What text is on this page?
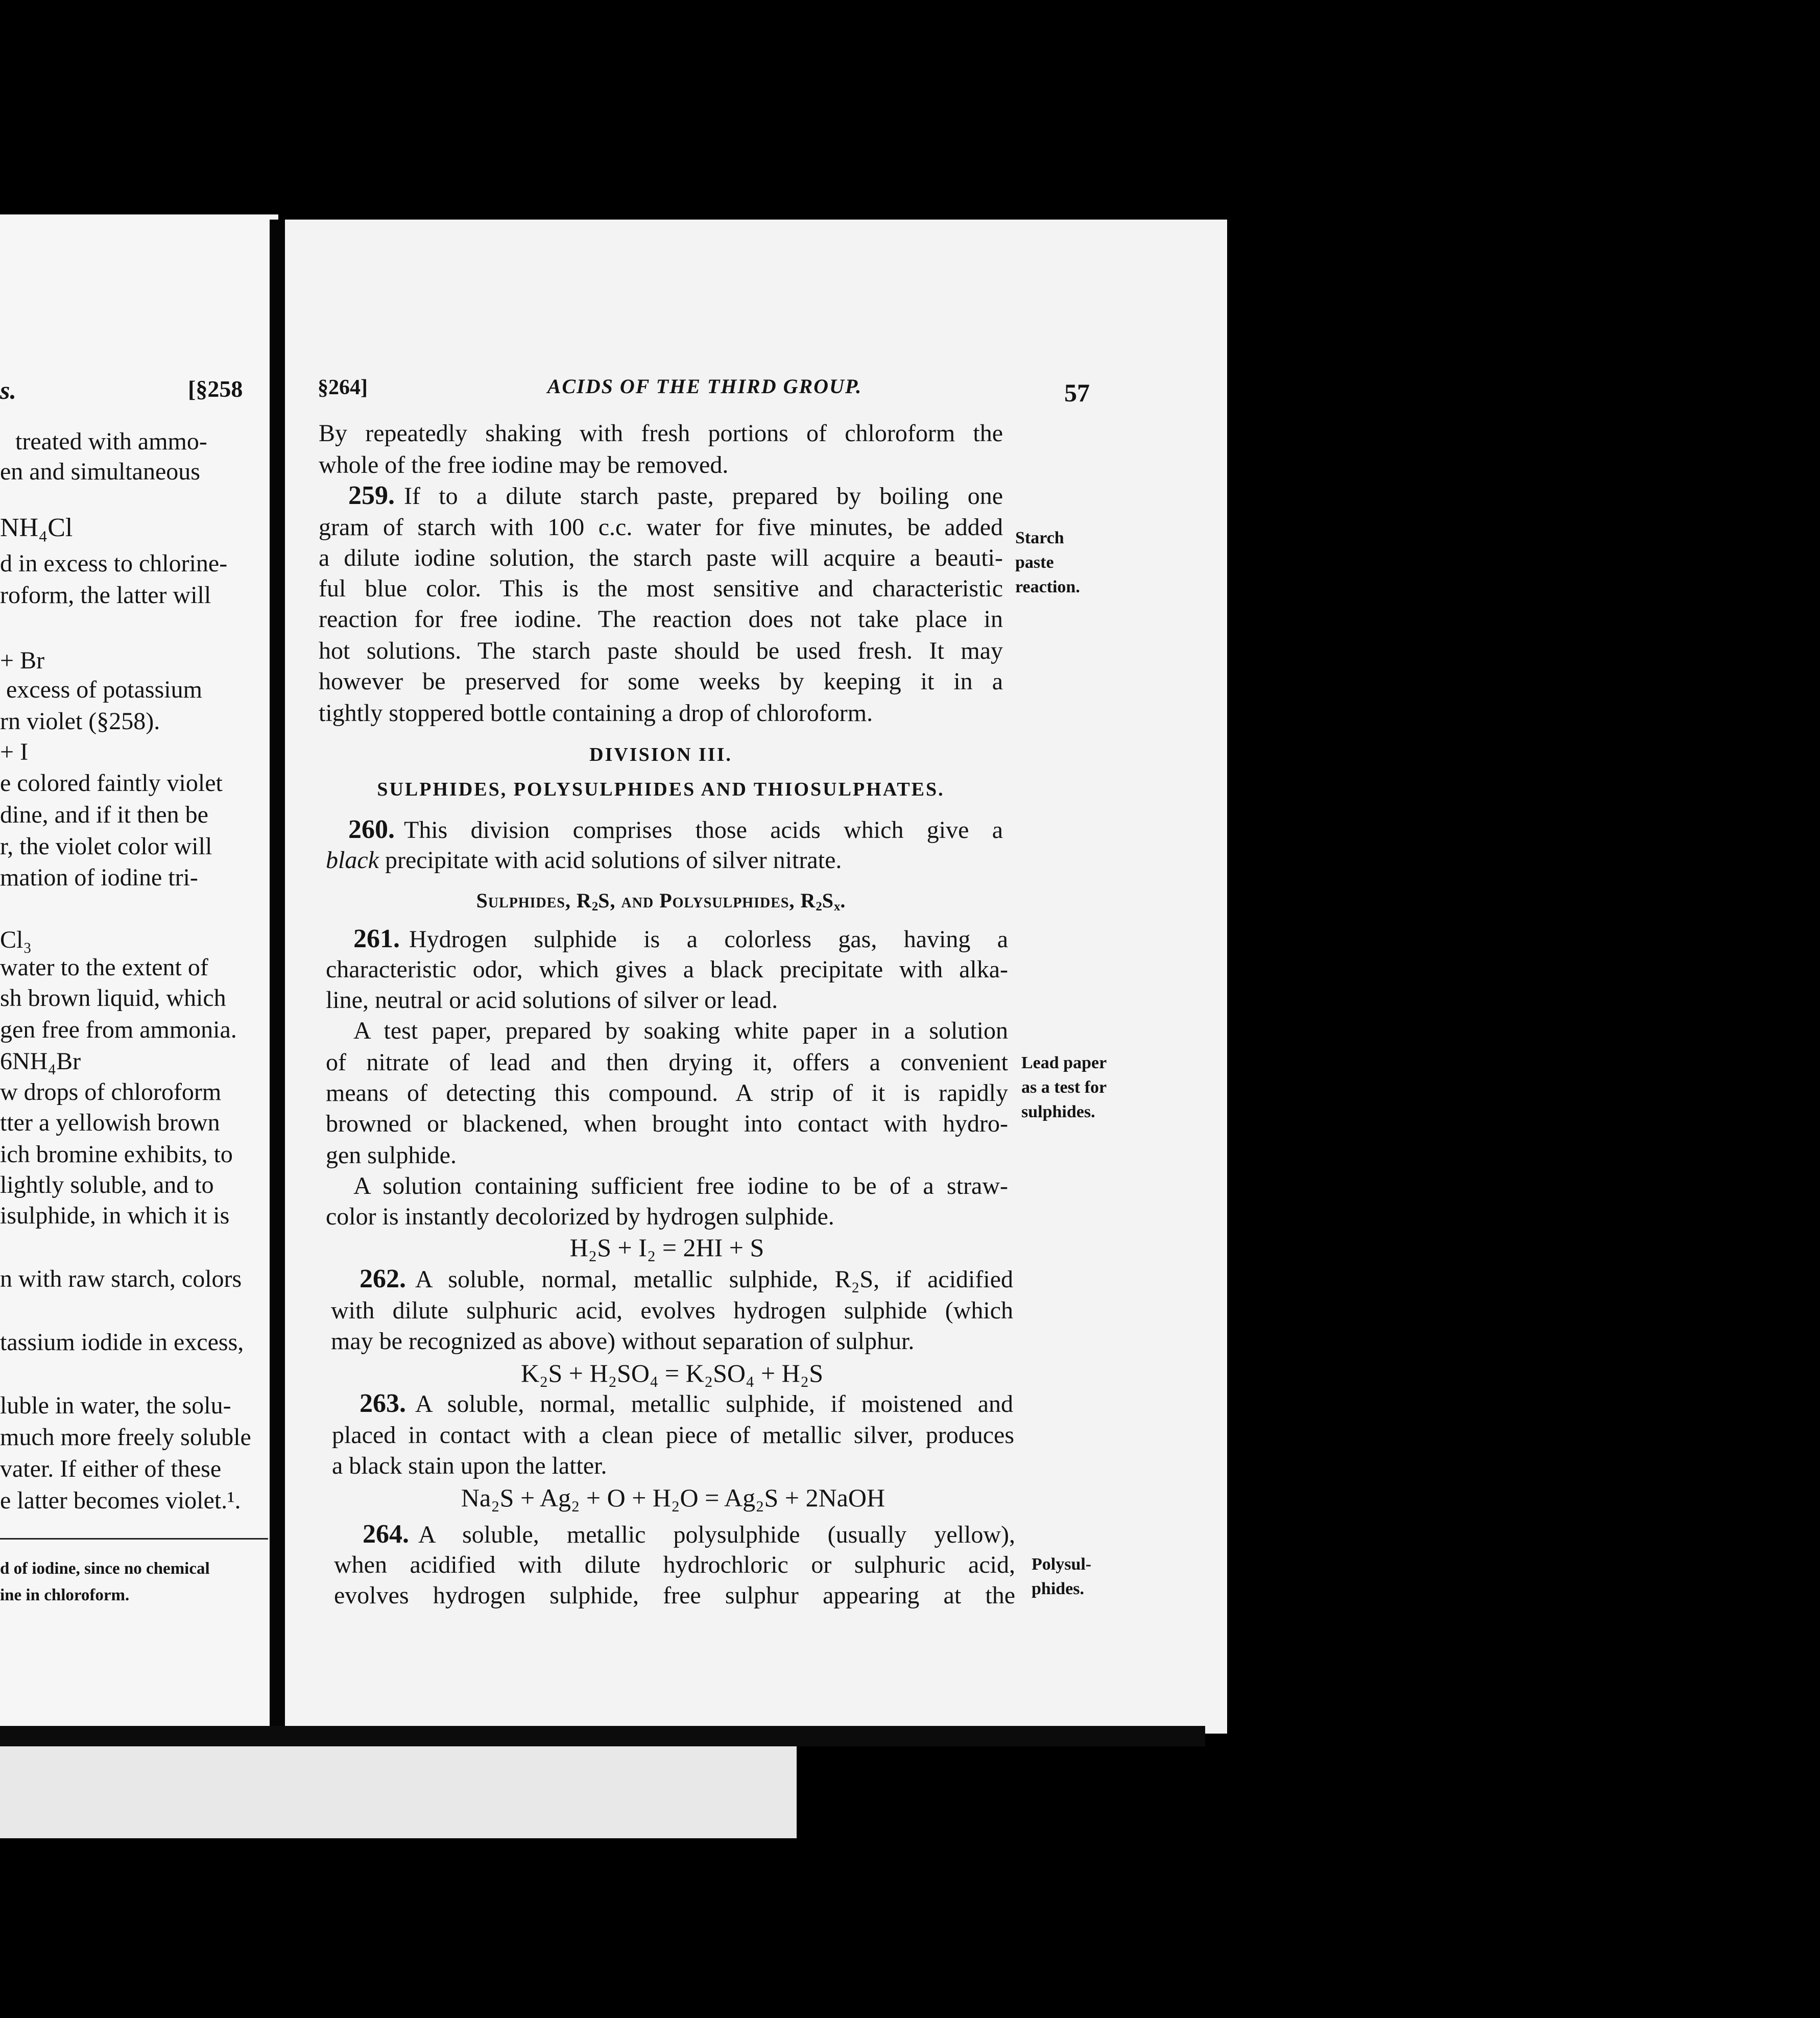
s.	[§258
treated with ammo-
en and simultaneous
NH₄Cl
d in excess to chlorine-
roform, the latter will
+ Br
excess of potassium
rn violet (§258).
+ I
e colored faintly violet
dine, and if it then be
r, the violet color will
mation of iodine tri-
Cl₃
water to the extent of
sh brown liquid, which
gen free from ammonia.
6NH₄Br
w drops of chloroform
tter a yellowish brown
ich bromine exhibits, to
lightly soluble, and to
isulphide, in which it is
n with raw starch, colors
tassium iodide in excess,
luble in water, the solu-
much more freely soluble
vater. If either of these
e latter becomes violet.¹.
d of iodine, since no chemical
ine in chloroform.
§264]	ACIDS OF THE THIRD GROUP.	57
By repeatedly shaking with fresh portions of chloroform the
whole of the free iodine may be removed.
259. If to a dilute starch paste, prepared by boiling one
gram of starch with 100 c.c. water for five minutes, be added
a dilute iodine solution, the starch paste will acquire a beauti-
ful blue color. This is the most sensitive and characteristic
reaction for free iodine. The reaction does not take place in
hot solutions. The starch paste should be used fresh. It may
however be preserved for some weeks by keeping it in a
tightly stoppered bottle containing a drop of chloroform.
Starch
paste
reaction.
DIVISION III.
SULPHIDES, POLYSULPHIDES AND THIOSULPHATES.
260. This division comprises those acids which give a
black precipitate with acid solutions of silver nitrate.
Sulphides, $R_2S$, and Polysulphides, $R_2S_x$.
261. Hydrogen sulphide is a colorless gas, having a
characteristic odor, which gives a black precipitate with alka-
line, neutral or acid solutions of silver or lead.
A test paper, prepared by soaking white paper in a solution
of nitrate of lead and then drying it, offers a convenient
means of detecting this compound. A strip of it is rapidly
browned or blackened, when brought into contact with hydro-
gen sulphide.
Lead paper
as a test for
sulphides.
A solution containing sufficient free iodine to be of a straw-
color is instantly decolorized by hydrogen sulphide.
H₂S + I₂ = 2HI + S
262. A soluble, normal, metallic sulphide, R₂S, if acidified
with dilute sulphuric acid, evolves hydrogen sulphide (which
may be recognized as above) without separation of sulphur.
K₂S + H₂SO₄ = K₂SO₄ + H₂S
263. A soluble, normal, metallic sulphide, if moistened and
placed in contact with a clean piece of metallic silver, produces
a black stain upon the latter.
Na₂S + Ag₂ + O + H₂O = Ag₂S + 2NaOH
264. A soluble, metallic polysulphide (usually yellow),
when acidified with dilute hydrochloric or sulphuric acid,
evolves hydrogen sulphide, free sulphur appearing at the
Polysul-
phides.
